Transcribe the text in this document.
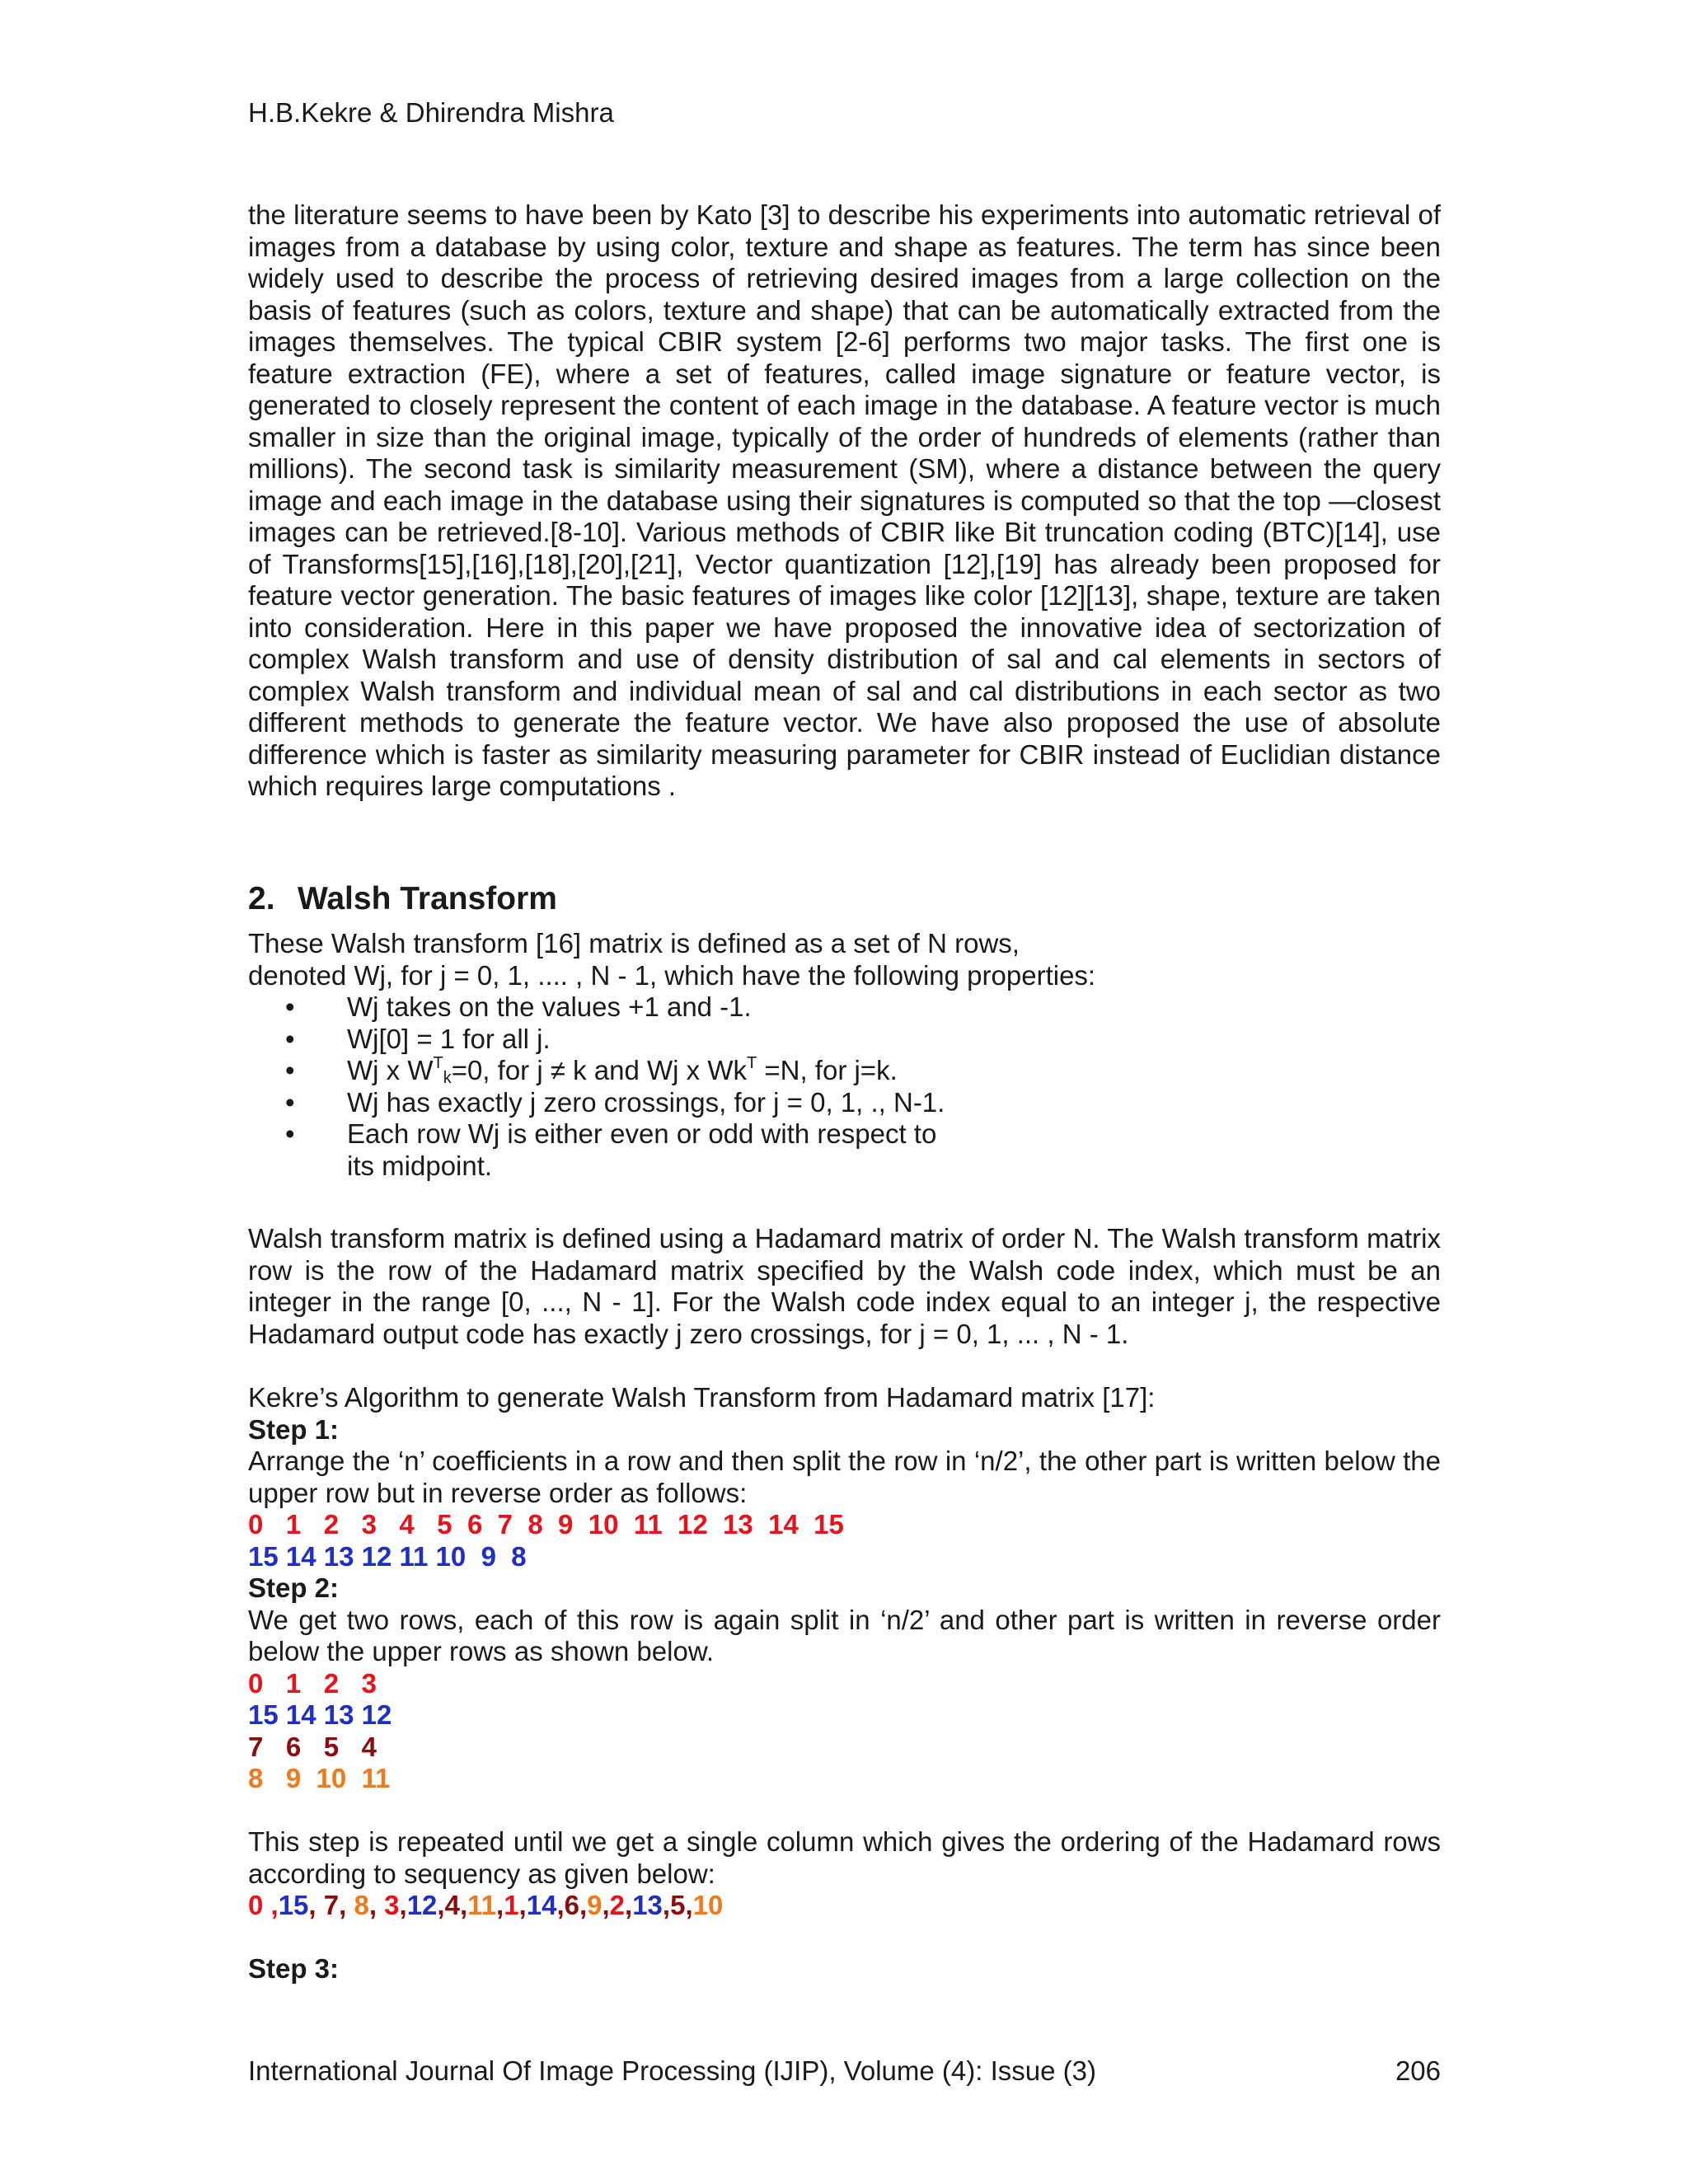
H.B.Kekre & Dhirendra Mishra
the literature seems to have been by Kato [3] to describe his experiments into automatic retrieval of images from a database by using color, texture and shape as features. The term has since been widely used to describe the process of retrieving desired images from a large collection on the basis of features (such as colors, texture and shape) that can be automatically extracted from the images themselves. The typical CBIR system [2-6] performs two major tasks. The first one is feature extraction (FE), where a set of features, called image signature or feature vector, is generated to closely represent the content of each image in the database. A feature vector is much smaller in size than the original image, typically of the order of hundreds of elements (rather than millions). The second task is similarity measurement (SM), where a distance between the query image and each image in the database using their signatures is computed so that the top —closest images can be retrieved.[8-10]. Various methods of CBIR like Bit truncation coding (BTC)[14], use of Transforms[15],[16],[18],[20],[21], Vector quantization [12],[19] has already been proposed for feature vector generation. The basic features of images like color [12][13], shape, texture are taken into consideration. Here in this paper we have proposed the innovative idea of sectorization of complex Walsh transform and use of density distribution of sal and cal elements in sectors of complex Walsh transform and individual mean of sal and cal distributions in each sector as two different methods to generate the feature vector. We have also proposed the use of absolute difference which is faster as similarity measuring parameter for CBIR instead of Euclidian distance which requires large computations .
2. Walsh Transform
These Walsh transform [16] matrix is defined as a set of N rows,
denoted Wj, for j = 0, 1, .... , N - 1, which have the following properties:
• Wj takes on the values +1 and -1.
• Wj[0] = 1 for all j.
• Wj x $W^T_k=0$, for j ≠ k and Wj x $Wk^T =N$, for j=k.
• Wj has exactly j zero crossings, for j = 0, 1, ., N-1.
• Each row Wj is either even or odd with respect to
its midpoint.
Walsh transform matrix is defined using a Hadamard matrix of order N. The Walsh transform matrix row is the row of the Hadamard matrix specified by the Walsh code index, which must be an integer in the range [0, ..., N - 1]. For the Walsh code index equal to an integer j, the respective Hadamard output code has exactly j zero crossings, for j = 0, 1, ... , N - 1.
Kekre’s Algorithm to generate Walsh Transform from Hadamard matrix [17]:
Step 1:
Arrange the ‘n’ coefficients in a row and then split the row in ‘n/2’, the other part is written below the upper row but in reverse order as follows:
0   1   2   3   4   5  6  7  8  9  10  11  12  13  14  15
15 14 13 12 11 10  9  8
Step 2:
We get two rows, each of this row is again split in ‘n/2’ and other part is written in reverse order below the upper rows as shown below.
0   1   2   3
15 14 13 12
7   6   5   4
8   9  10  11
This step is repeated until we get a single column which gives the ordering of the Hadamard rows according to sequency as given below:
0 ,15, 7, 8, 3,12,4,11,1,14,6,9,2,13,5,10
Step 3:
International Journal Of Image Processing (IJIP), Volume (4): Issue (3)	206
